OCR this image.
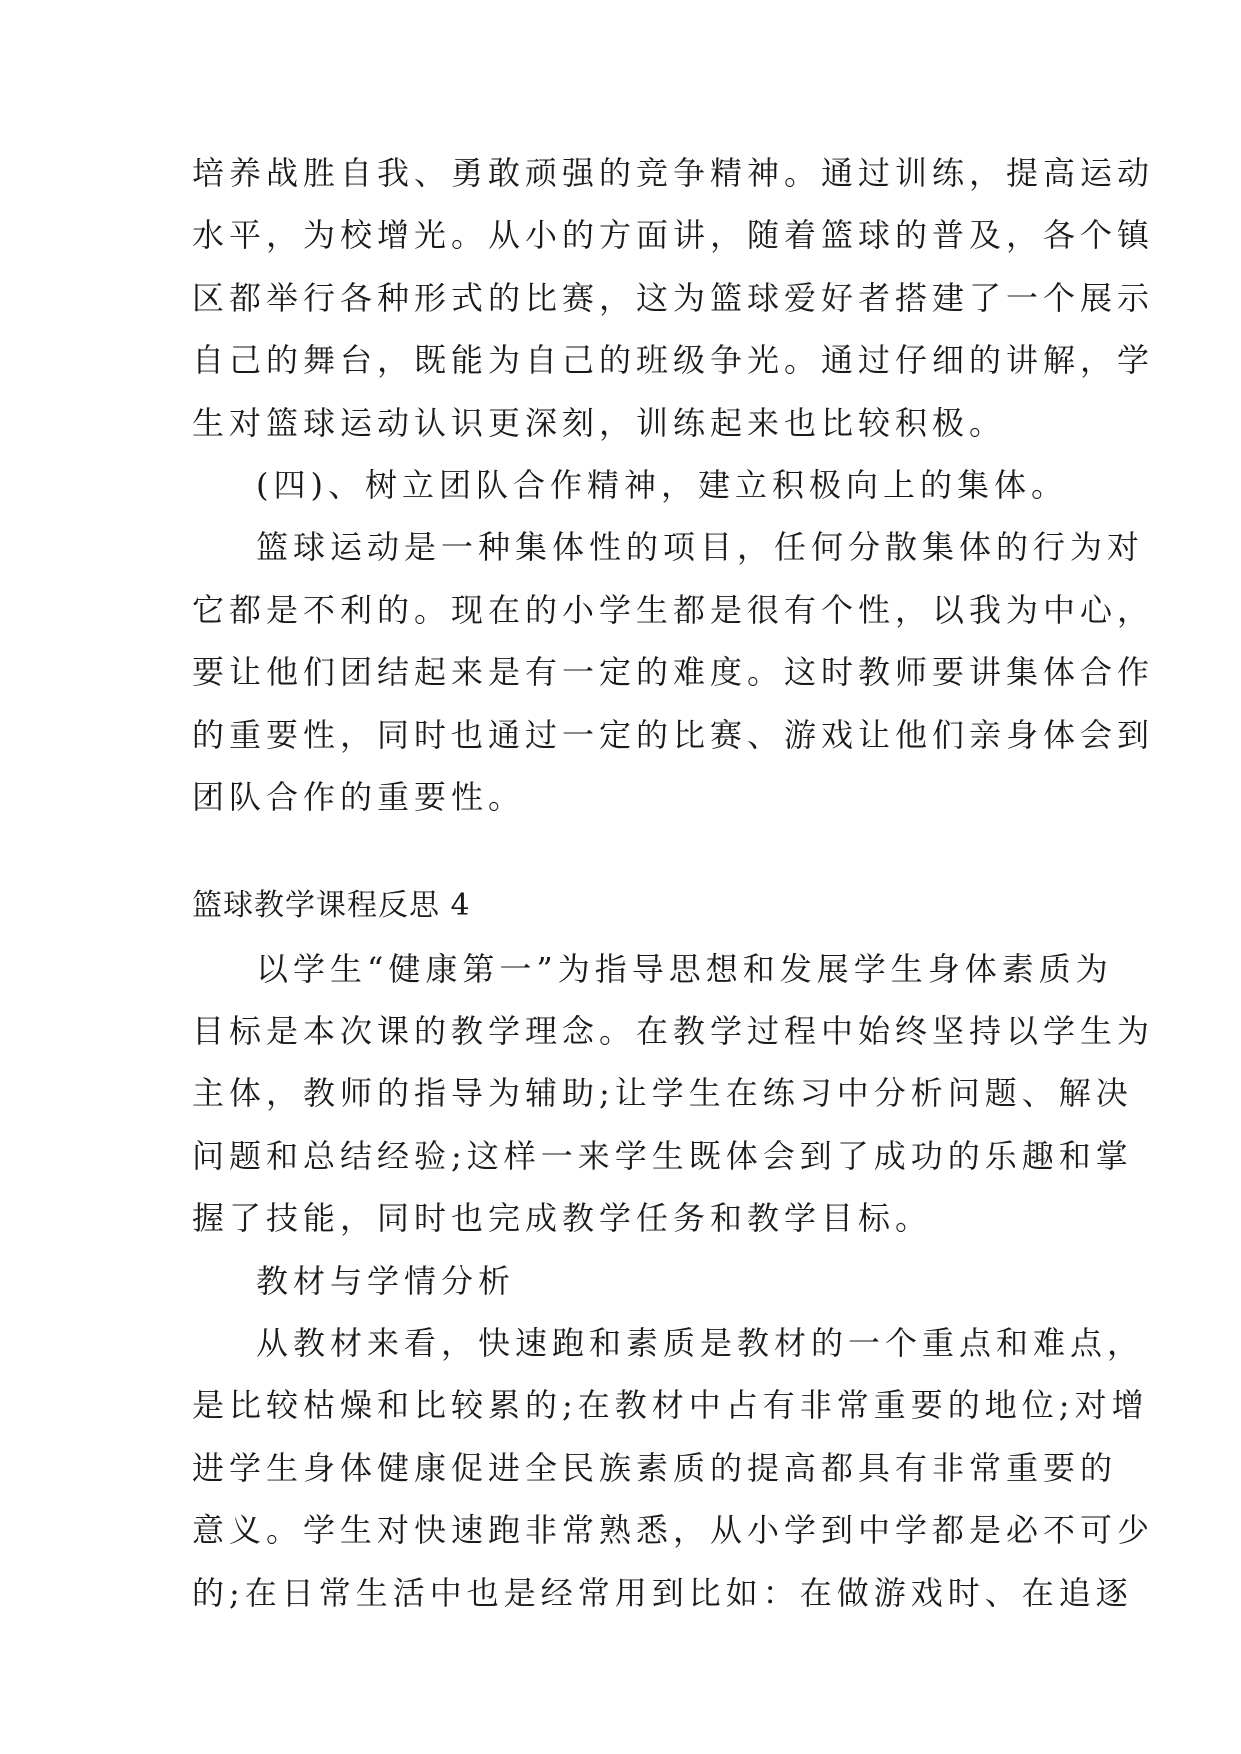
培养战胜自我、勇敢顽强的竞争精神。通过训练，提高运动
水平，为校增光。从小的方面讲，随着篮球的普及，各个镇
区都举行各种形式的比赛，这为篮球爱好者搭建了一个展示
自己的舞台，既能为自己的班级争光。通过仔细的讲解，学
生对篮球运动认识更深刻，训练起来也比较积极。
(四)、树立团队合作精神，建立积极向上的集体。
篮球运动是一种集体性的项目，任何分散集体的行为对
它都是不利的。现在的小学生都是很有个性，以我为中心，
要让他们团结起来是有一定的难度。这时教师要讲集体合作
的重要性，同时也通过一定的比赛、游戏让他们亲身体会到
团队合作的重要性。
篮球教学课程反思 4
以学生“健康第一”为指导思想和发展学生身体素质为
目标是本次课的教学理念。在教学过程中始终坚持以学生为
主体，教师的指导为辅助;让学生在练习中分析问题、解决
问题和总结经验;这样一来学生既体会到了成功的乐趣和掌
握了技能，同时也完成教学任务和教学目标。
教材与学情分析
从教材来看，快速跑和素质是教材的一个重点和难点，
是比较枯燥和比较累的;在教材中占有非常重要的地位;对增
进学生身体健康促进全民族素质的提高都具有非常重要的
意义。学生对快速跑非常熟悉，从小学到中学都是必不可少
的;在日常生活中也是经常用到比如：在做游戏时、在追逐
